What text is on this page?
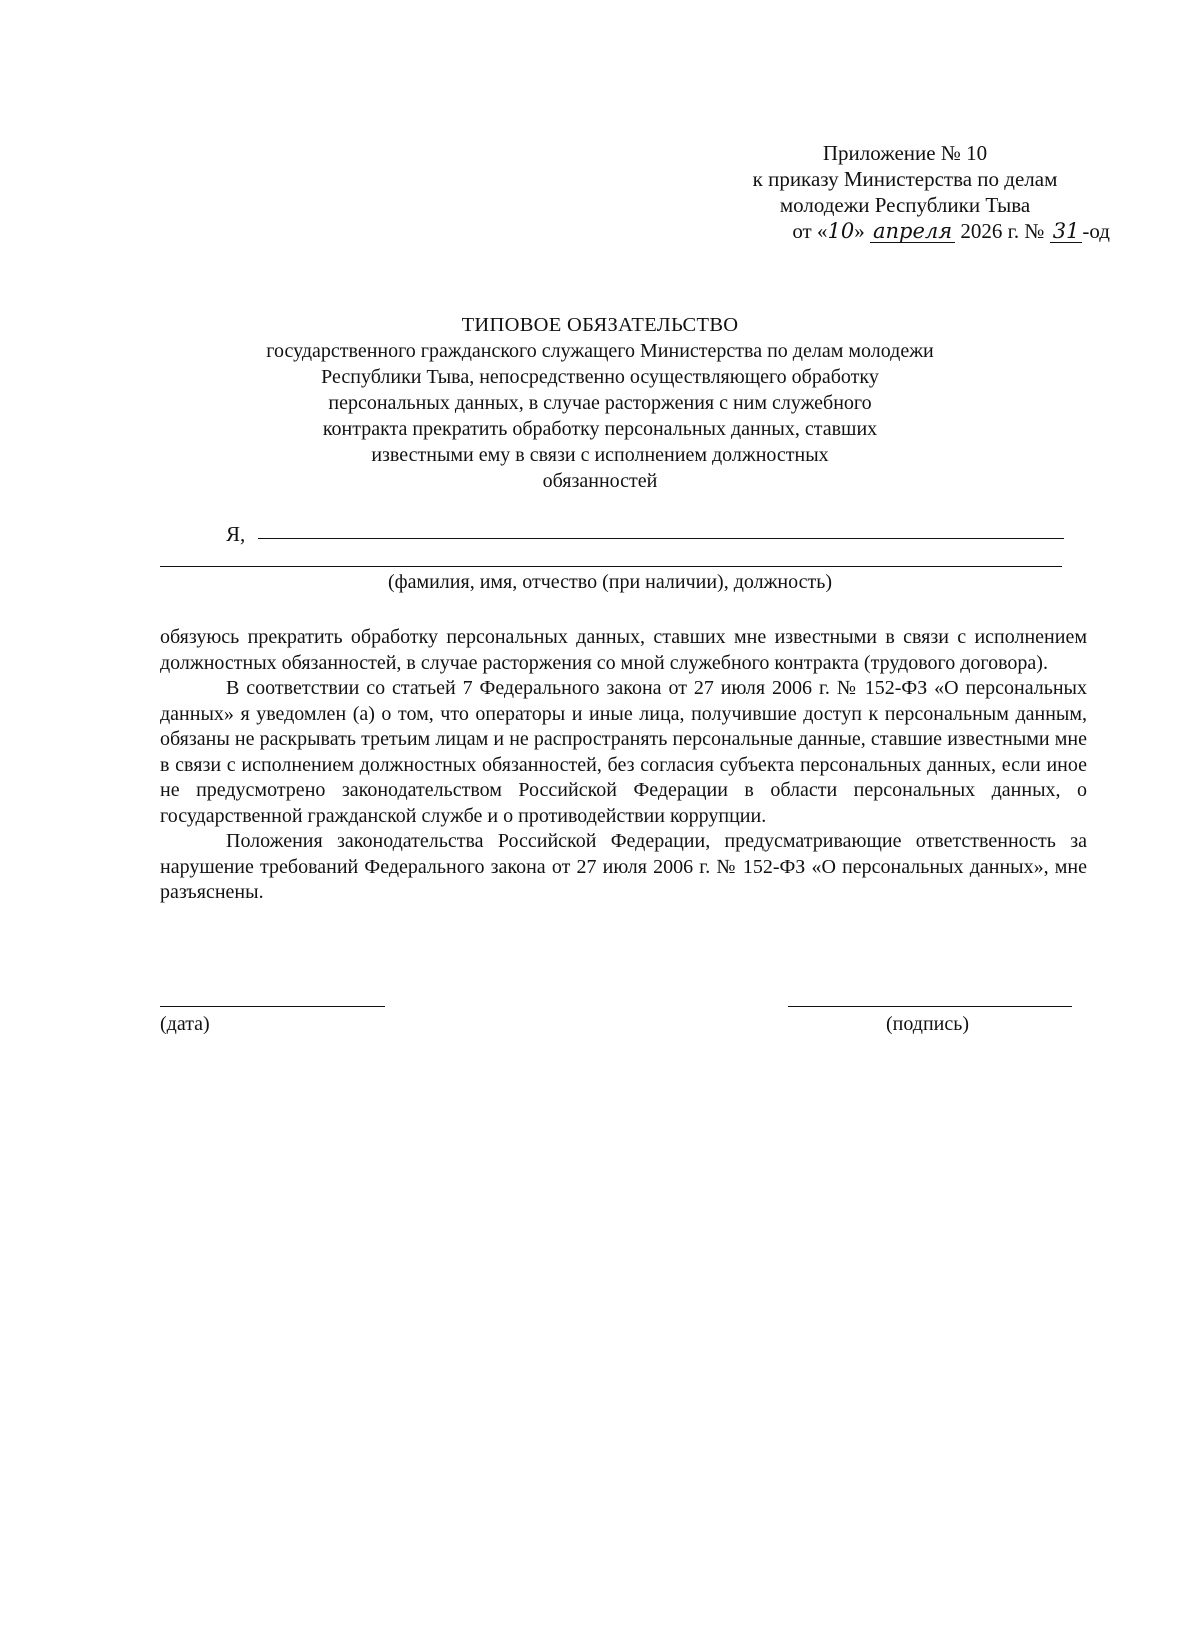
Приложение № 10
к приказу Министерства по делам
молодежи Республики Тыва
от «10» апреля 2026 г. № 31 -од
ТИПОВОЕ ОБЯЗАТЕЛЬСТВО
государственного гражданского служащего Министерства по делам молодежи
Республики Тыва, непосредственно осуществляющего обработку
персональных данных, в случае расторжения с ним служебного
контракта прекратить обработку персональных данных, ставших
известными ему в связи с исполнением должностных
обязанностей
Я,
(фамилия, имя, отчество (при наличии), должность)

обязуюсь прекратить обработку персональных данных, ставших мне известными в связи с исполнением должностных обязанностей, в случае расторжения со мной служебного контракта (трудового договора).

В соответствии со статьей 7 Федерального закона от 27 июля 2006 г. № 152-ФЗ «О персональных данных» я уведомлен (а) о том, что операторы и иные лица, получившие доступ к персональным данным, обязаны не раскрывать третьим лицам и не распространять персональные данные, ставшие известными мне в связи с исполнением должностных обязанностей, без согласия субъекта персональных данных, если иное не предусмотрено законодательством Российской Федерации в области персональных данных, о государственной гражданской службе и о противодействии коррупции.

Положения законодательства Российской Федерации, предусматривающие ответственность за нарушение требований Федерального закона от 27 июля 2006 г. № 152-ФЗ «О персональных данных», мне разъяснены.

(дата)	(подпись)
